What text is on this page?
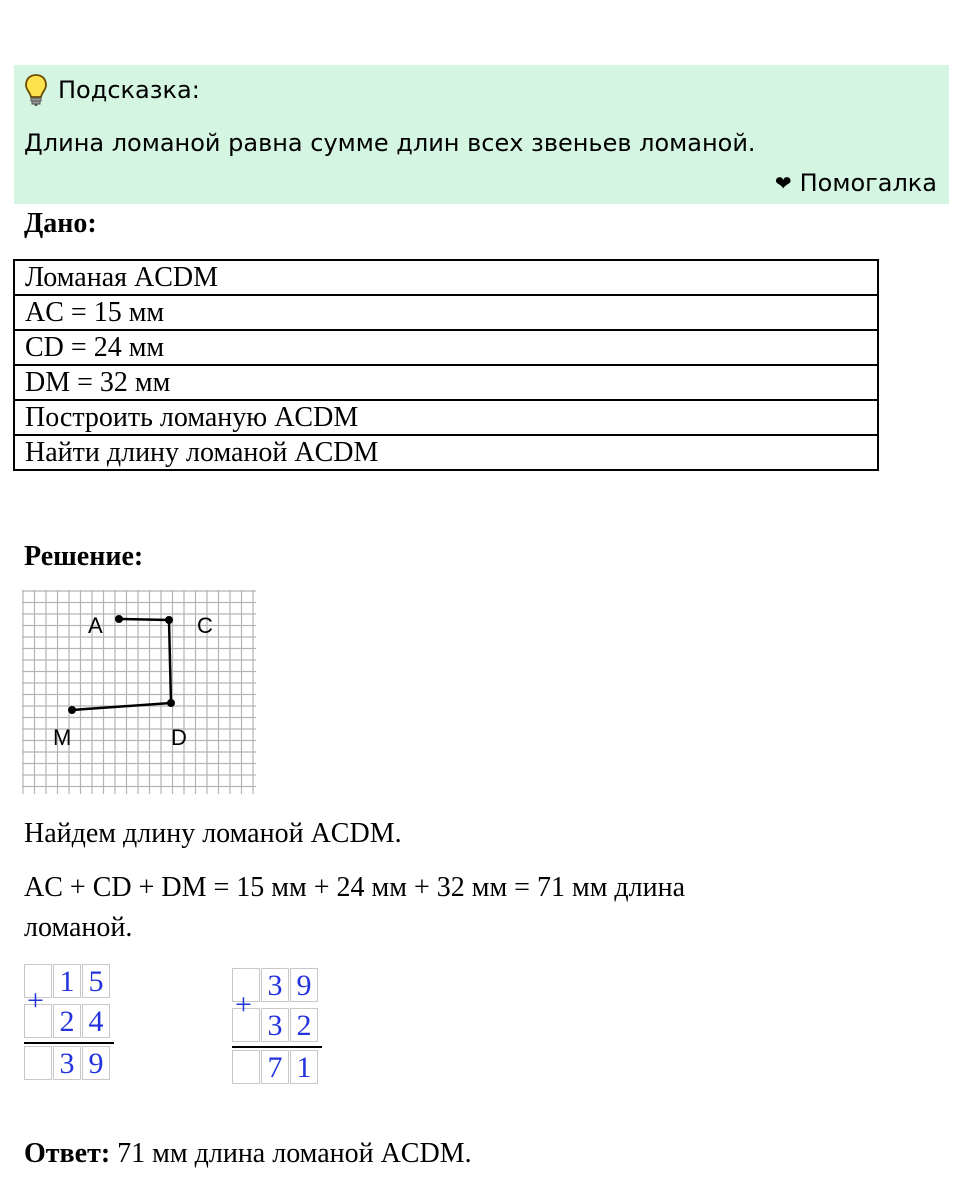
Подсказка:
Длина ломаной равна сумме длин всех звеньев ломаной.
❤ Помогалка
Дано:
Ломаная ACDM
AC = 15 мм
CD = 24 мм
DM = 32 мм
Построить ломаную ACDM
Найти длину ломаной ACDM
Решение:
A	C
D
M
Найдем длину ломаной ACDM.
AC + CD + DM = 15 мм + 24 мм + 32 мм = 71 мм длина
ломаной.
1 5
2 4
+
3 9
3 9
3 2
+
7 1
Ответ: 71 мм длина ломаной ACDM.
